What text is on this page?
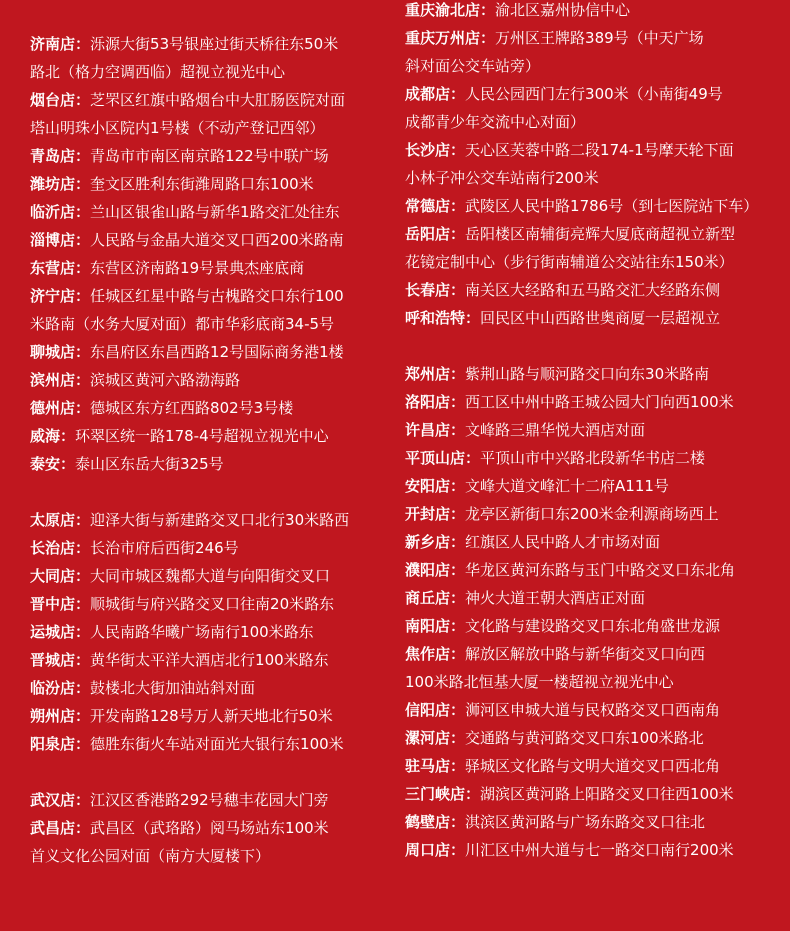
济南店：泺源大街53号银座过街天桥往东50米
路北（格力空调西临）超视立视光中心
烟台店：芝罘区红旗中路烟台中大肛肠医院对面
塔山明珠小区院内1号楼（不动产登记西邻）
青岛店：青岛市市南区南京路122号中联广场
潍坊店：奎文区胜利东街潍周路口东100米
临沂店：兰山区银雀山路与新华1路交汇处往东
淄博店：人民路与金晶大道交叉口西200米路南
东营店：东营区济南路19号景典杰座底商
济宁店：任城区红星中路与古槐路交口东行100
米路南（水务大厦对面）都市华彩底商34-5号
聊城店：东昌府区东昌西路12号国际商务港1楼
滨州店：滨城区黄河六路渤海路
德州店：德城区东方红西路802号3号楼
威海：环翠区统一路178-4号超视立视光中心
泰安：泰山区东岳大街325号
太原店：迎泽大街与新建路交叉口北行30米路西
长治店：长治市府后西街246号
大同店：大同市城区魏都大道与向阳街交叉口
晋中店：顺城街与府兴路交叉口往南20米路东
运城店：人民南路华曦广场南行100米路东
晋城店：黄华街太平洋大酒店北行100米路东
临汾店：鼓楼北大街加油站斜对面
朔州店：开发南路128号万人新天地北行50米
阳泉店：德胜东街火车站对面光大银行东100米
武汉店：江汉区香港路292号穗丰花园大门旁
武昌店：武昌区（武珞路）阅马场站东100米
首义文化公园对面（南方大厦楼下）
重庆渝北店：渝北区嘉州协信中心
重庆万州店：万州区王牌路389号（中天广场
斜对面公交车站旁）
成都店：人民公园西门左行300米（小南街49号
成都青少年交流中心对面）
长沙店：天心区芙蓉中路二段174-1号摩天轮下面
小林子冲公交车站南行200米
常德店：武陵区人民中路1786号（到七医院站下车）
岳阳店：岳阳楼区南辅街亮辉大厦底商超视立新型
花镜定制中心（步行街南辅道公交站往东150米）
长春店：南关区大经路和五马路交汇大经路东侧
呼和浩特：回民区中山西路世奥商厦一层超视立
郑州店：紫荆山路与顺河路交口向东30米路南
洛阳店：西工区中州中路王城公园大门向西100米
许昌店：文峰路三鼎华悦大酒店对面
平顶山店：平顶山市中兴路北段新华书店二楼
安阳店：文峰大道文峰汇十二府A111号
开封店：龙亭区新街口东200米金利源商场西上
新乡店：红旗区人民中路人才市场对面
濮阳店：华龙区黄河东路与玉门中路交叉口东北角
商丘店：神火大道王朝大酒店正对面
南阳店：文化路与建设路交叉口东北角盛世龙源
焦作店：解放区解放中路与新华街交叉口向西
100米路北恒基大厦一楼超视立视光中心
信阳店：浉河区申城大道与民权路交叉口西南角
漯河店：交通路与黄河路交叉口东100米路北
驻马店：驿城区文化路与文明大道交叉口西北角
三门峡店：湖滨区黄河路上阳路交叉口往西100米
鹤壁店：淇滨区黄河路与广场东路交叉口往北
周口店：川汇区中州大道与七一路交口南行200米
